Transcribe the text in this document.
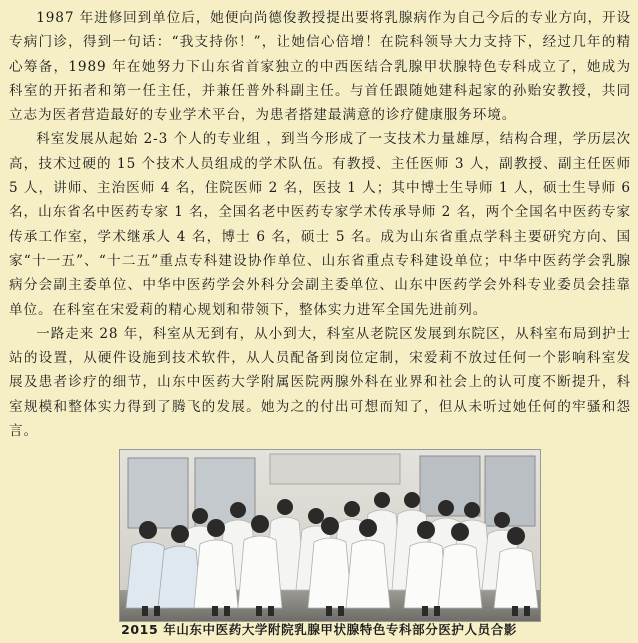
1987 年进修回到单位后，她便向尚德俊教授提出要将乳腺病作为自己今后的专业方向，开设专病门诊，得到一句话：“我支持你！”，让她信心倍增！在院科领导大力支持下，经过几年的精心筹备，1989 年在她努力下山东省首家独立的中西医结合乳腺甲状腺特色专科成立了，她成为科室的开拓者和第一任主任，并兼任普外科副主任。与首任跟随她建科起家的孙贻安教授，共同立志为医者营造最好的专业学术平台，为患者搭建最满意的诊疗健康服务环境。

科室发展从起始 2-3 个人的专业组 ，到当今形成了一支技术力量雄厚，结构合理，学历层次高，技术过硬的 15 个技术人员组成的学术队伍。有教授、主任医师 3 人，副教授、副主任医师 5 人，讲师、主治医师 4 名，住院医师 2 名，医技 1 人；其中博士生导师 1 人，硕士生导师 6 名，山东省名中医药专家 1 名，全国名老中医药专家学术传承导师 2 名，两个全国名中医药专家传承工作室，学术继承人 4 名，博士 6 名，硕士 5 名。成为山东省重点学科主要研究方向、国家“十一五”、“十二五”重点专科建设协作单位、山东省重点专科建设单位；中华中医药学会乳腺病分会副主委单位、中华中医药学会外科分会副主委单位、山东中医药学会外科专业委员会挂靠单位。在科室在宋爱莉的精心规划和带领下，整体实力进军全国先进前列。

一路走来 28 年，科室从无到有，从小到大，科室从老院区发展到东院区，从科室布局到护士站的设置，从硬件设施到技术软件，从人员配备到岗位定制，宋爱莉不放过任何一个影响科室发展及患者诊疗的细节，山东中医药大学附属医院两腺外科在业界和社会上的认可度不断提升，科室规模和整体实力得到了腾飞的发展。她为之的付出可想而知了，但从未听过她任何的牢骚和怨言。

2015 年山东中医药大学附院乳腺甲状腺特色专科部分医护人员合影
